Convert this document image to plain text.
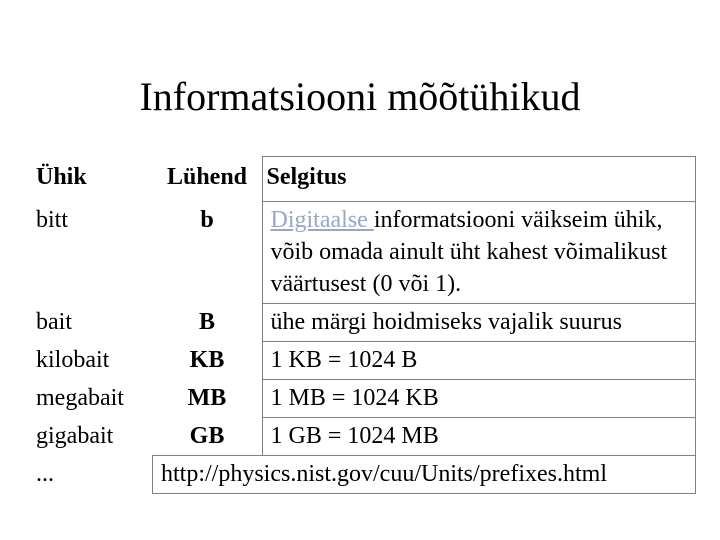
Informatsiooni mõõtühikud
Ühik	Lühend	Selgitus
bitt	b	Digitaalse informatsiooni väikseim ühik, võib omada ainult üht kahest võimalikust väärtusest (0 või 1).
bait	B	ühe märgi hoidmiseks vajalik suurus
kilobait	KB	1 KB = 1024 B
megabait	MB	1 MB = 1024 KB
gigabait	GB	1 GB = 1024 MB
...	http://physics.nist.gov/cuu/Units/prefixes.html	
